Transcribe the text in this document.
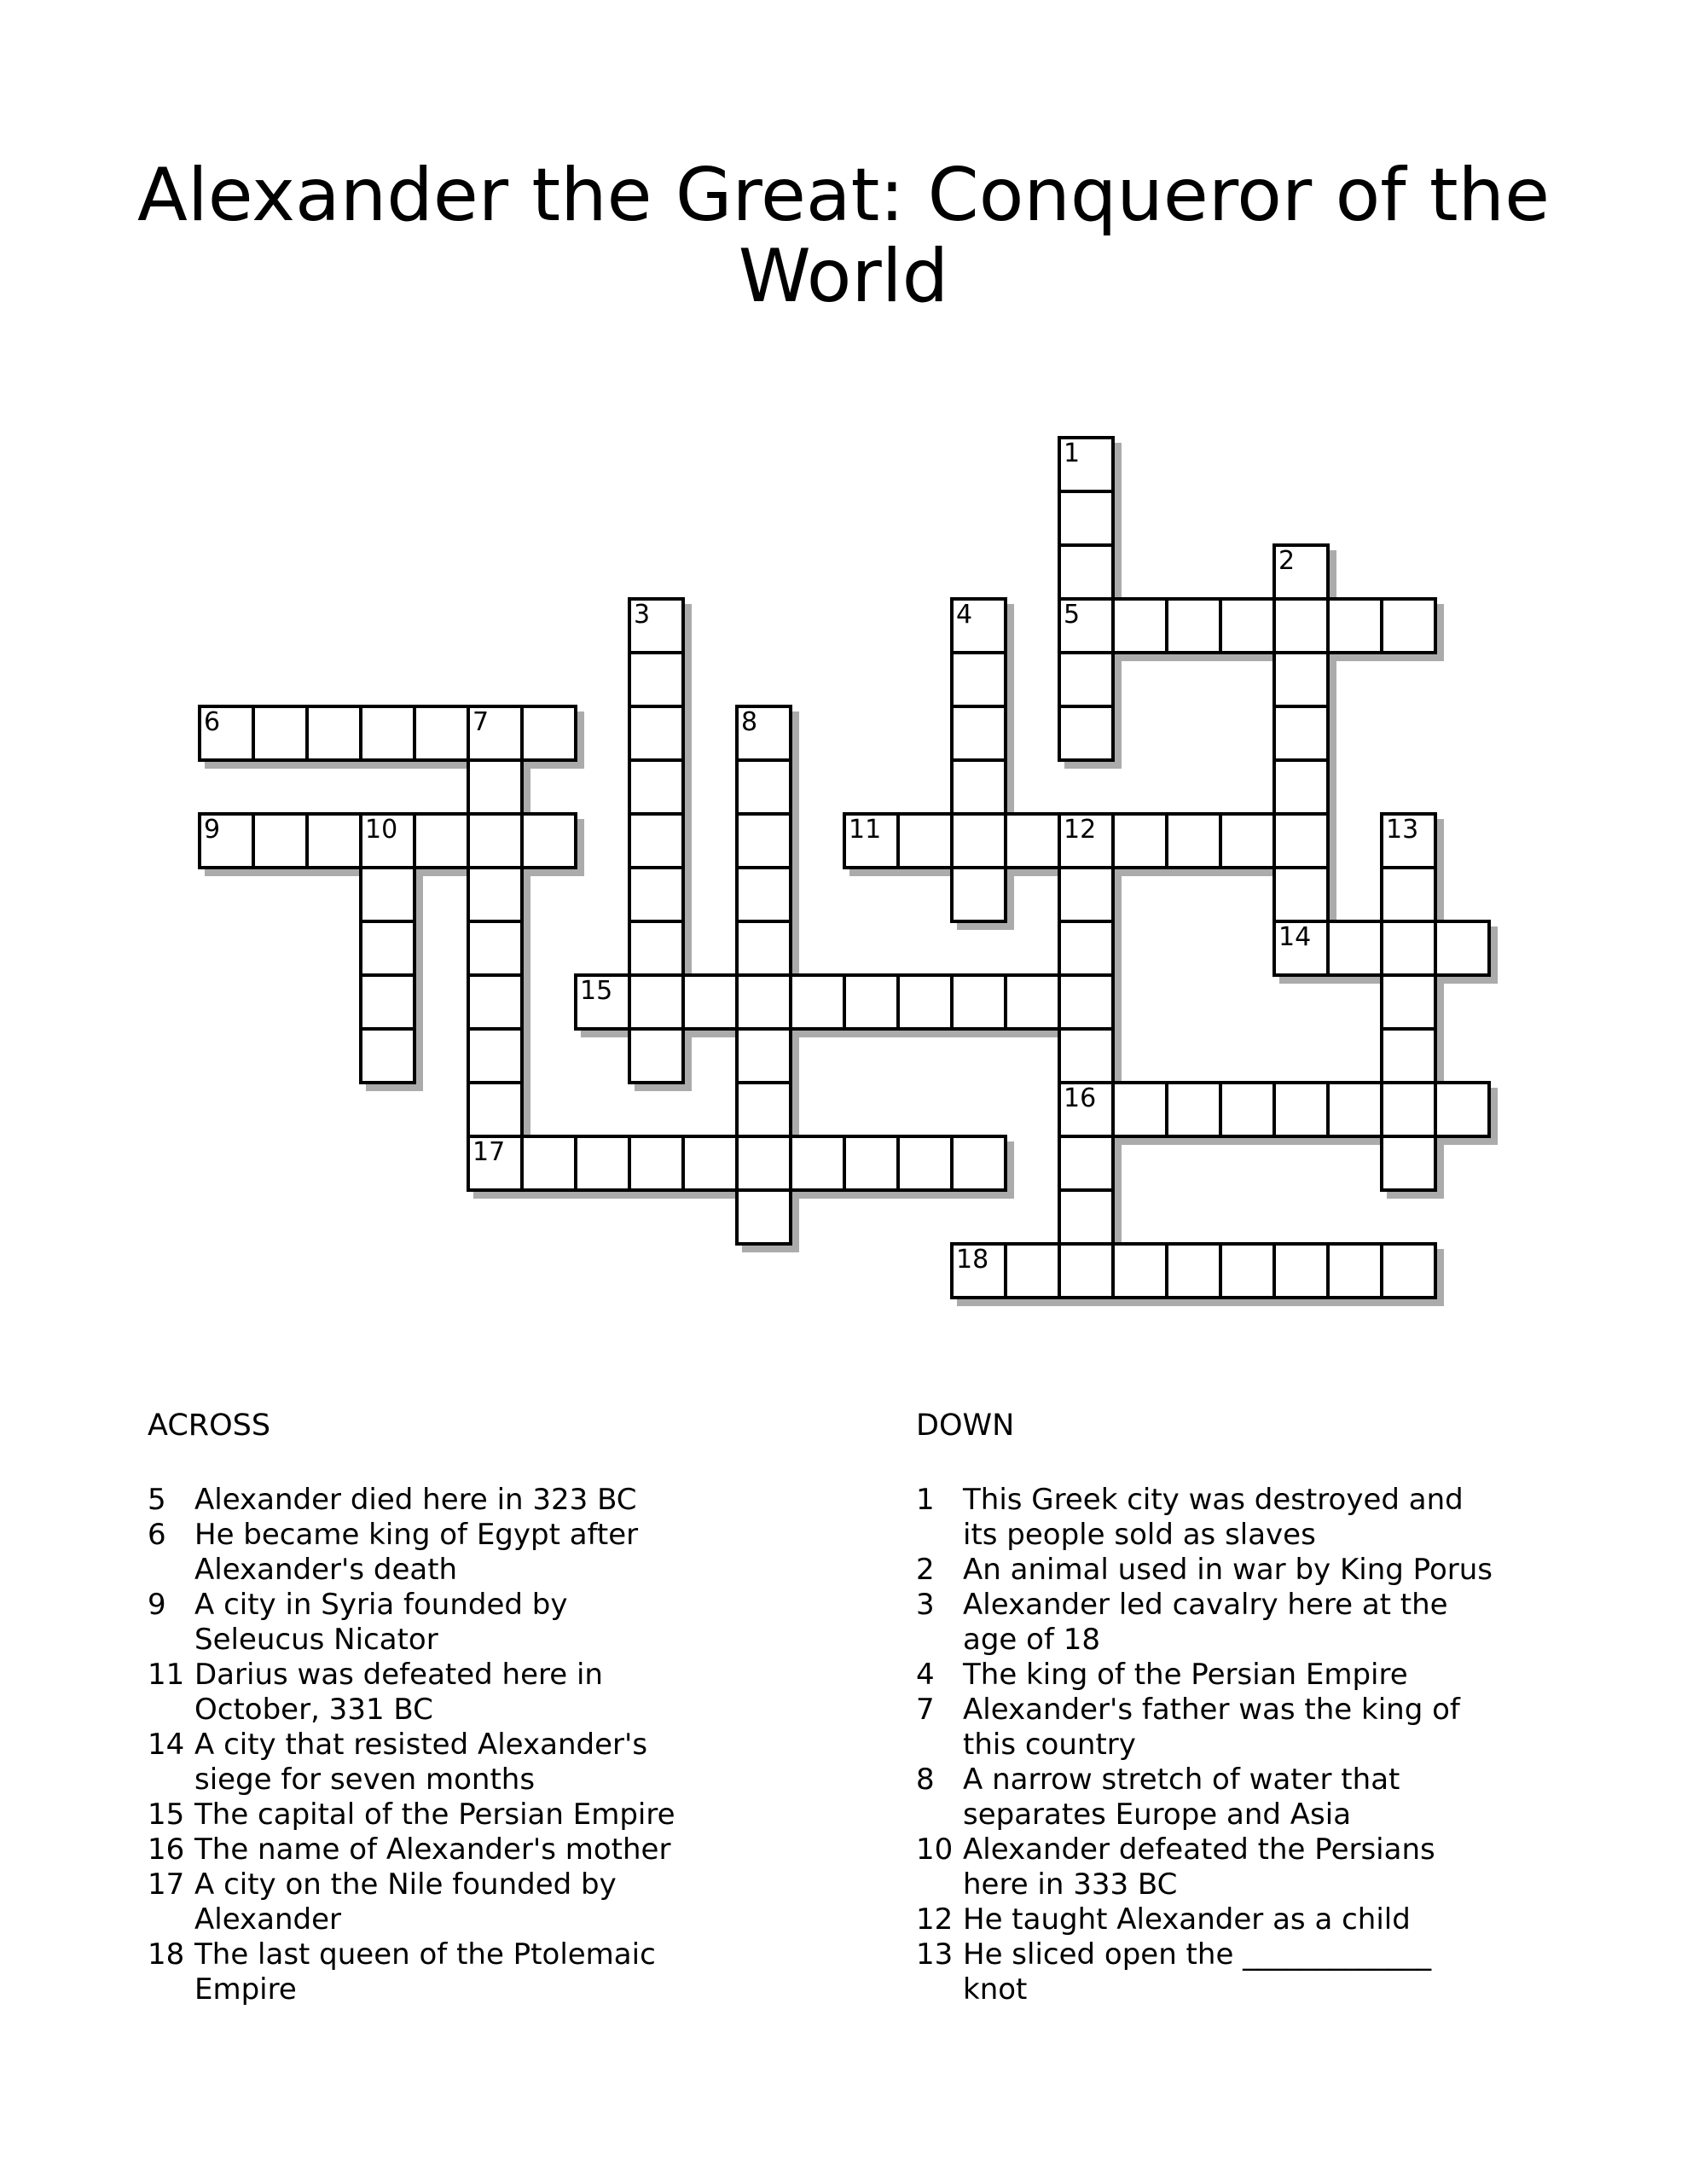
Alexander the Great: Conqueror of the World
1
5
2
14
3	4
6	7
17
8
9	10	11	12
16
13
15
18
ACROSS
5 Alexander died here in 323 BC
6 He became king of Egypt after
Alexander's death
9 A city in Syria founded by
Seleucus Nicator
11 Darius was defeated here in
October, 331 BC
14 A city that resisted Alexander's
siege for seven months
15 The capital of the Persian Empire
16 The name of Alexander's mother
17 A city on the Nile founded by
Alexander
18 The last queen of the Ptolemaic
Empire
DOWN
1 This Greek city was destroyed and
its people sold as slaves
2 An animal used in war by King Porus
3 Alexander led cavalry here at the
age of 18
4 The king of the Persian Empire
7 Alexander's father was the king of
this country
8 A narrow stretch of water that
separates Europe and Asia
10 Alexander defeated the Persians
here in 333 BC
12 He taught Alexander as a child
13 He sliced open the _____________
knot
